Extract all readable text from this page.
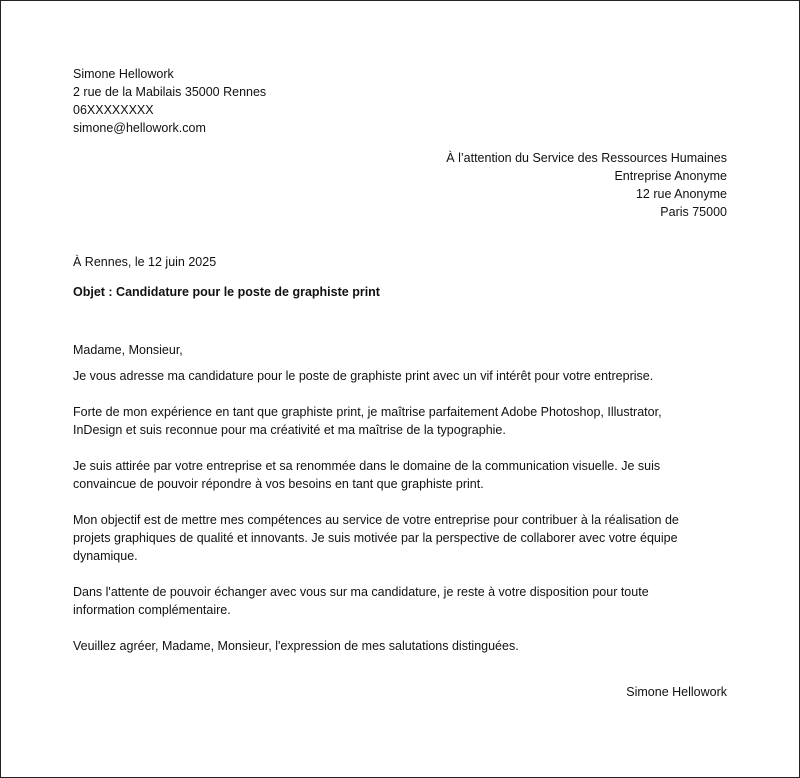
Simone Hellowork
2 rue de la Mabilais 35000 Rennes
06XXXXXXXX
simone@hellowork.com
À l’attention du Service des Ressources Humaines
Entreprise Anonyme
12 rue Anonyme
Paris 75000
À Rennes, le 12 juin 2025
Objet : Candidature pour le poste de graphiste print
Madame, Monsieur,
Je vous adresse ma candidature pour le poste de graphiste print avec un vif intérêt pour votre entreprise.
Forte de mon expérience en tant que graphiste print, je maîtrise parfaitement Adobe Photoshop, Illustrator,
InDesign et suis reconnue pour ma créativité et ma maîtrise de la typographie.
Je suis attirée par votre entreprise et sa renommée dans le domaine de la communication visuelle. Je suis
convaincue de pouvoir répondre à vos besoins en tant que graphiste print.
Mon objectif est de mettre mes compétences au service de votre entreprise pour contribuer à la réalisation de
projets graphiques de qualité et innovants. Je suis motivée par la perspective de collaborer avec votre équipe
dynamique.
Dans l'attente de pouvoir échanger avec vous sur ma candidature, je reste à votre disposition pour toute
information complémentaire.
Veuillez agréer, Madame, Monsieur, l'expression de mes salutations distinguées.
Simone Hellowork
